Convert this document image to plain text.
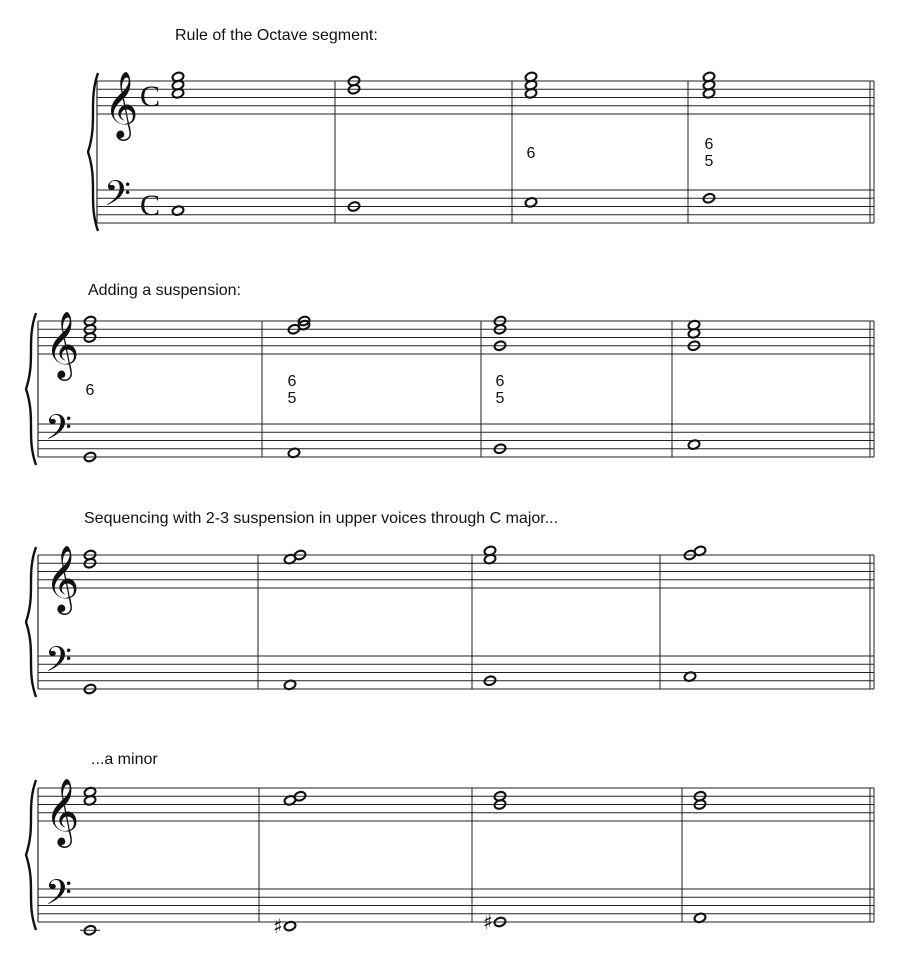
Rule of the Octave segment:
Adding a suspension:
Sequencing with 2-3 suspension in upper voices through C major...
...a minor
𝄞
𝄢
C
C
6
6
5
𝄞
𝄢
6
6
5
6
5
𝄞
𝄢
𝄞
𝄢
♯	♯
